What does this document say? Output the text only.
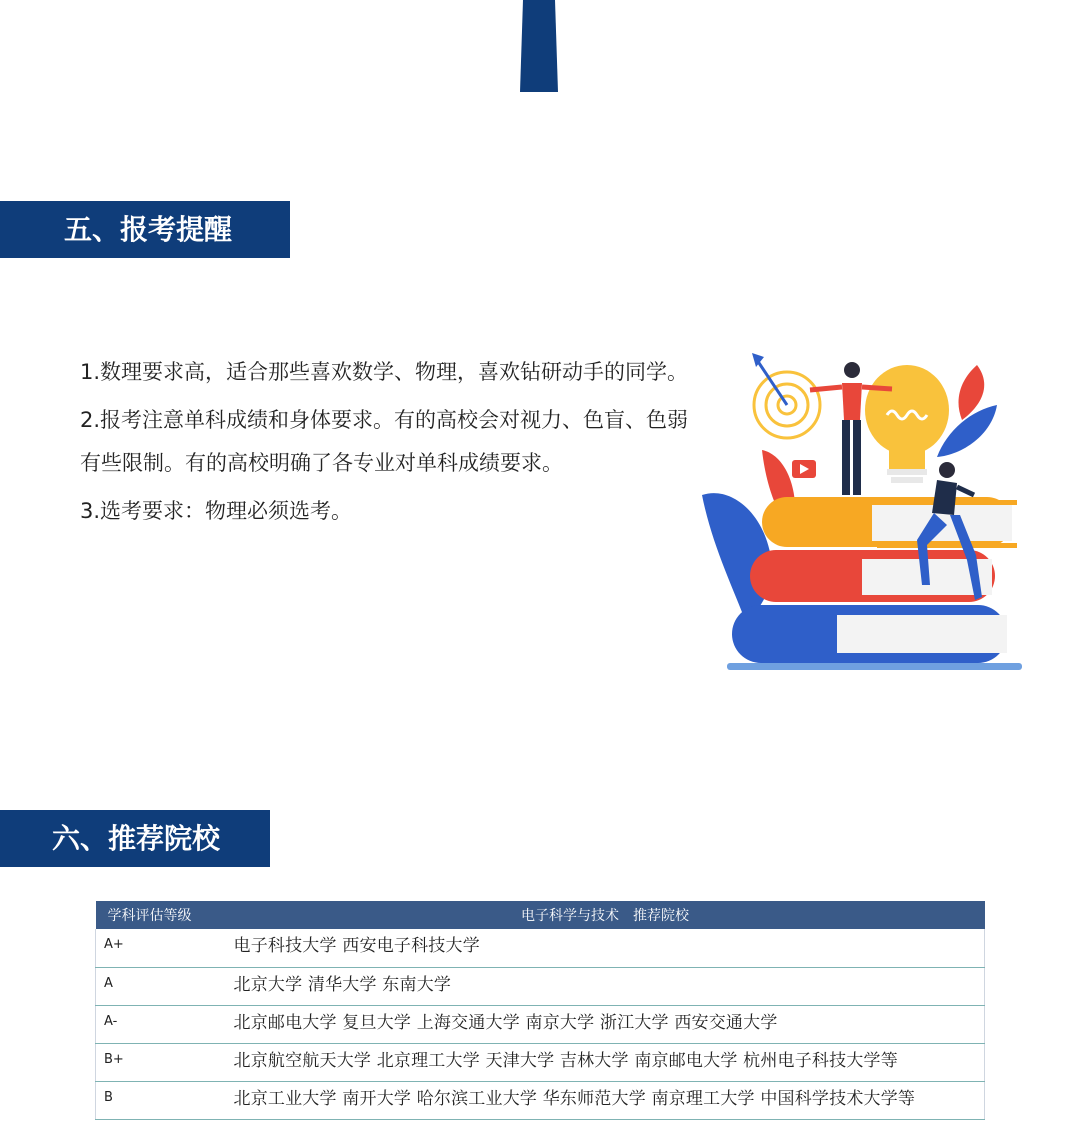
五、报考提醒

1.数理要求高，适合那些喜欢数学、物理，喜欢钻研动手的同学。

2.报考注意单科成绩和身体要求。有的高校会对视力、色盲、色弱有些限制。有的高校明确了各专业对单科成绩要求。

3.选考要求：物理必须选考。

六、推荐院校
学科评估等级	电子科学与技术　推荐院校
A+	电子科技大学 西安电子科技大学
A	北京大学 清华大学 东南大学
A-	北京邮电大学 复旦大学 上海交通大学 南京大学 浙江大学 西安交通大学
B+	北京航空航天大学 北京理工大学 天津大学 吉林大学 南京邮电大学 杭州电子科技大学等
B	北京工业大学 南开大学 哈尔滨工业大学 华东师范大学 南京理工大学 中国科学技术大学等
